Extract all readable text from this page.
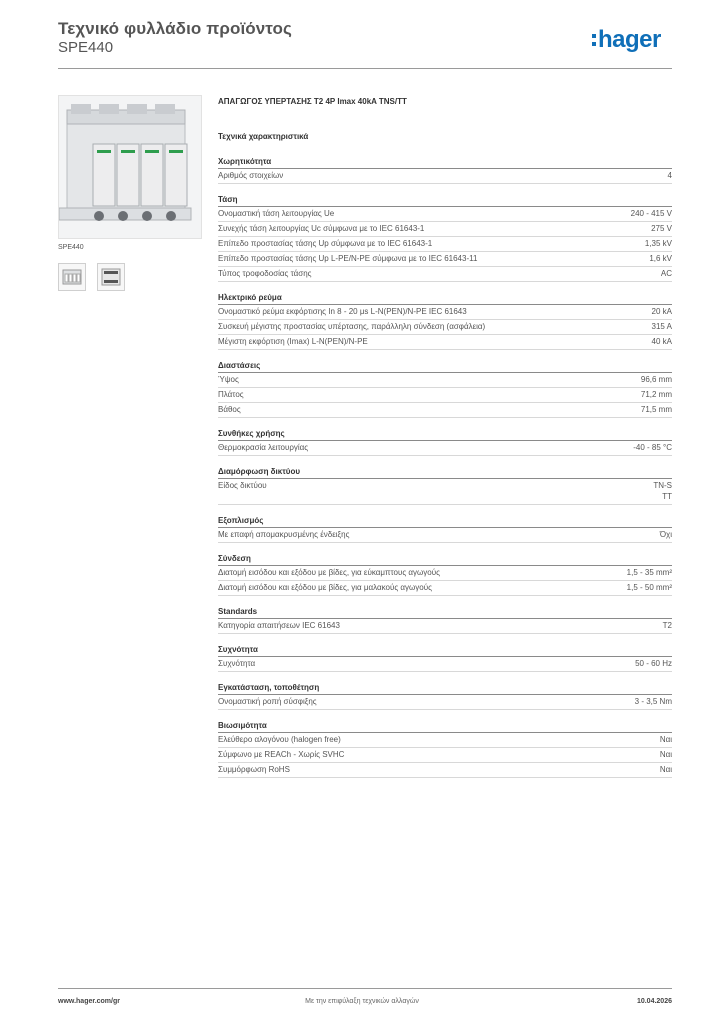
Τεχνικό φυλλάδιο προϊόντος
SPE440	hager
SPE440
ΑΠΑΓΩΓΟΣ ΥΠΕΡΤΑΣΗΣ Τ2 4P Imax 40kA TNS/TT
Τεχνικά χαρακτηριστικά
Χωρητικότητα
Αριθμός στοιχείων	4
Τάση
Ονομαστική τάση λειτουργίας Ue	240 - 415 V
Συνεχής τάση λειτουργίας Uc σύμφωνα με το IEC 61643-1	275 V
Επίπεδο προστασίας τάσης Up σύμφωνα με το IEC 61643-1	1,35 kV
Επίπεδο προστασίας τάσης Up L-PE/N-PE σύμφωνα με το IEC 61643-11	1,6 kV
Τύπος τροφοδοσίας τάσης	AC
Ηλεκτρικό ρεύμα
Ονομαστικό ρεύμα εκφόρτισης In 8 - 20 μs L-N(PEN)/N-PE IEC 61643	20 kA
Συσκευή μέγιστης προστασίας υπέρτασης, παράλληλη σύνδεση (ασφάλεια)	315 A
Μέγιστη εκφόρτιση (Imax) L-N(PEN)/N-PE	40 kA
Διαστάσεις
Ύψος	96,6 mm
Πλάτος	71,2 mm
Βάθος	71,5 mm
Συνθήκες χρήσης
Θερμοκρασία λειτουργίας	-40 - 85 °C
Διαμόρφωση δικτύου
Είδος δικτύου	TN-S
TT
Εξοπλισμός
Με επαφή απομακρυσμένης ένδειξης	Όχι
Σύνδεση
Διατομή εισόδου και εξόδου με βίδες, για εύκαμπτους αγωγούς	1,5 - 35 mm²
Διατομή εισόδου και εξόδου με βίδες, για μαλακούς αγωγούς	1,5 - 50 mm²
Standards
Κατηγορία απαιτήσεων IEC 61643	T2
Συχνότητα
Συχνότητα	50 - 60 Hz
Εγκατάσταση, τοποθέτηση
Ονομαστική ροπή σύσφιξης	3 - 3,5 Nm
Βιωσιμότητα
Ελεύθερο αλογόνου (halogen free)	Ναι
Σύμφωνο με REACh - Χωρίς SVHC	Ναι
Συμμόρφωση RoHS	Ναι
www.hager.com/gr	Με την επιφύλαξη τεχνικών αλλαγών	10.04.2026
